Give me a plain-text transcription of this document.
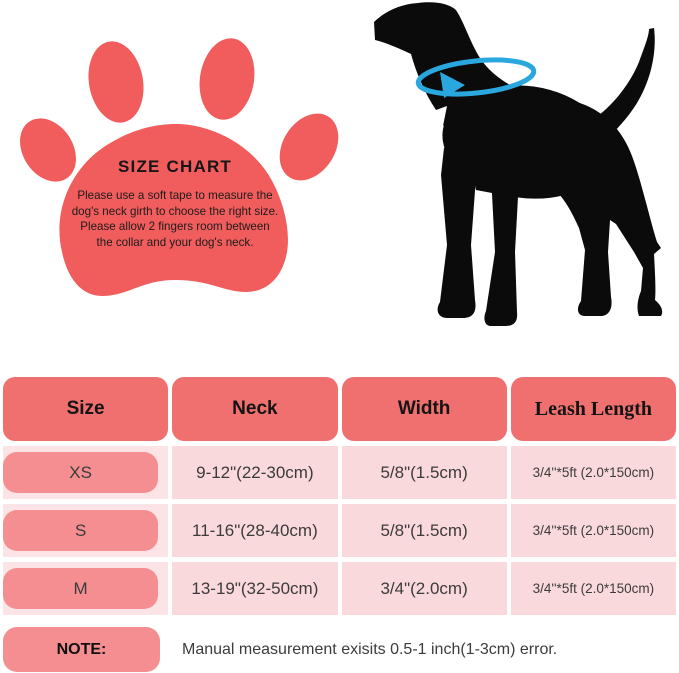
SIZE CHART
Please use a soft tape to measure the
dog's neck girth to choose the right size.
Please allow 2 fingers room between
the collar and your dog's neck.
Size	Neck	Width	Leash Length
XS	9-12"(22-30cm)	5/8"(1.5cm)	3/4''*5ft (2.0*150cm)
S	11-16"(28-40cm)	5/8"(1.5cm)	3/4''*5ft (2.0*150cm)
M	13-19"(32-50cm)	3/4"(2.0cm)	3/4''*5ft (2.0*150cm)
NOTE:	Manual measurement exisits 0.5-1 inch(1-3cm) error.
